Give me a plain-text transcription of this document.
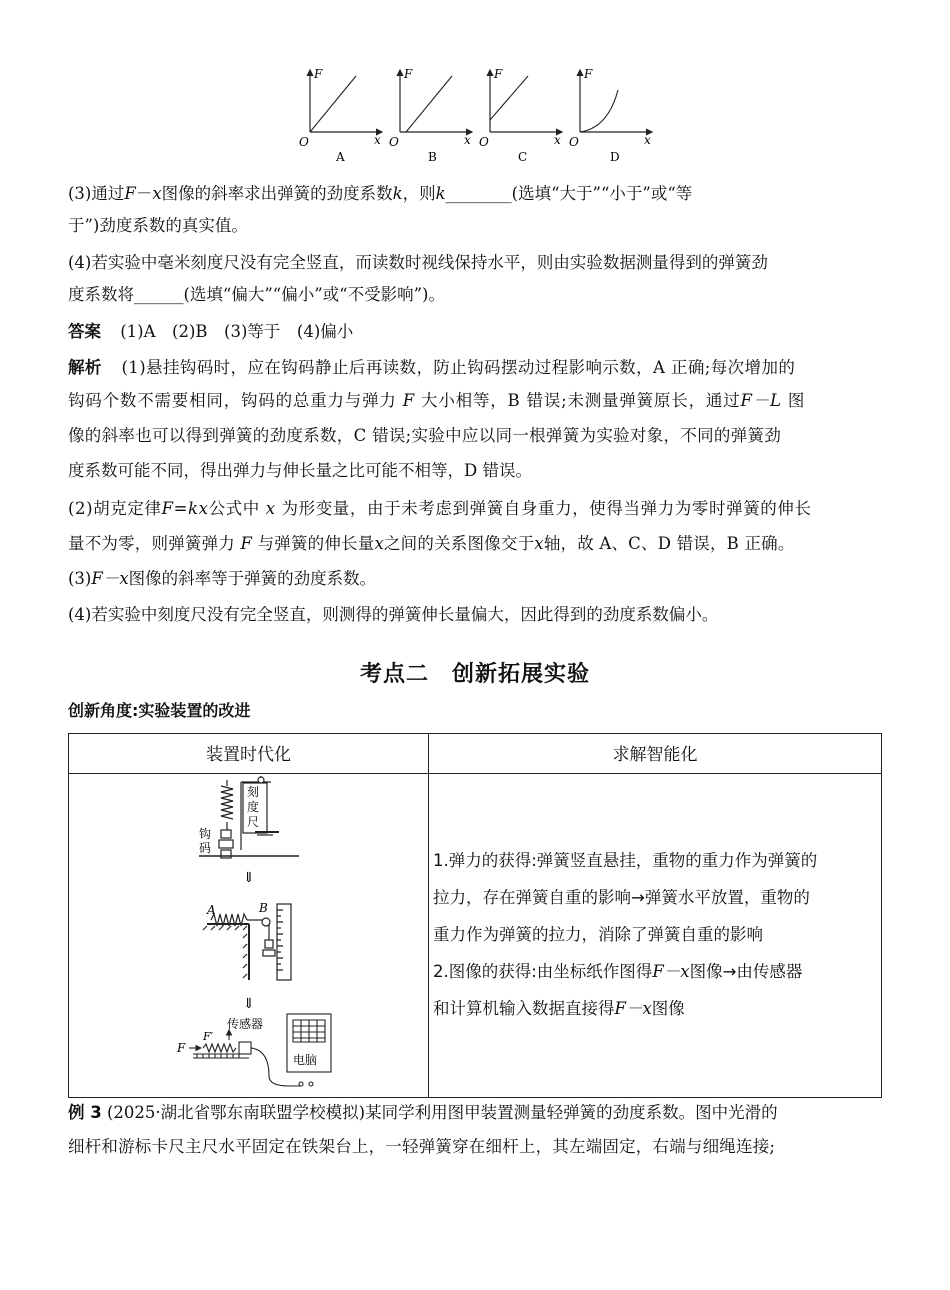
F
x
O
A
F
x
O
B
F
x
O
C
F
x
O
D
(3)通过F－x图像的斜率求出弹簧的劲度系数k，则k________(选填“大于”“小于”或“等
于”)劲度系数的真实值。
(4)若实验中毫米刻度尺没有完全竖直，而读数时视线保持水平，则由实验数据测量得到的弹簧劲
度系数将______(选填“偏大”“偏小”或“不受影响”)。
答案 (1)A　(2)B　(3)等于　(4)偏小
解析 (1)悬挂钩码时，应在钩码静止后再读数，防止钩码摆动过程影响示数，A 正确;每次增加的
钩码个数不需要相同，钩码的总重力与弹力 F 大小相等，B 错误;未测量弹簧原长，通过F－L 图
像的斜率也可以得到弹簧的劲度系数，C 错误;实验中应以同一根弹簧为实验对象，不同的弹簧劲
度系数可能不同，得出弹力与伸长量之比可能不相等，D 错误。
(2)胡克定律F=kx公式中 x 为形变量，由于未考虑到弹簧自身重力，使得当弹力为零时弹簧的伸长
量不为零，则弹簧弹力 F 与弹簧的伸长量x之间的关系图像交于x轴，故 A、C、D 错误，B 正确。
(3)F－x图像的斜率等于弹簧的劲度系数。
(4)若实验中刻度尺没有完全竖直，则测得的弹簧伸长量偏大，因此得到的劲度系数偏小。
考点二　创新拓展实验
创新角度:实验装置的改进
装置时代化	求解智能化
刻
度
尺
钩
码
⇓
A	B
⇓
传感器
F
F′
电脑
1.弹力的获得:弹簧竖直悬挂，重物的重力作为弹簧的
拉力，存在弹簧自重的影响→弹簧水平放置，重物的
重力作为弹簧的拉力，消除了弹簧自重的影响
2.图像的获得:由坐标纸作图得F－x图像→由传感器
和计算机输入数据直接得F－x图像
例 3 (2025·湖北省鄂东南联盟学校模拟)某同学利用图甲装置测量轻弹簧的劲度系数。图中光滑的
细杆和游标卡尺主尺水平固定在铁架台上，一轻弹簧穿在细杆上，其左端固定，右端与细绳连接;
